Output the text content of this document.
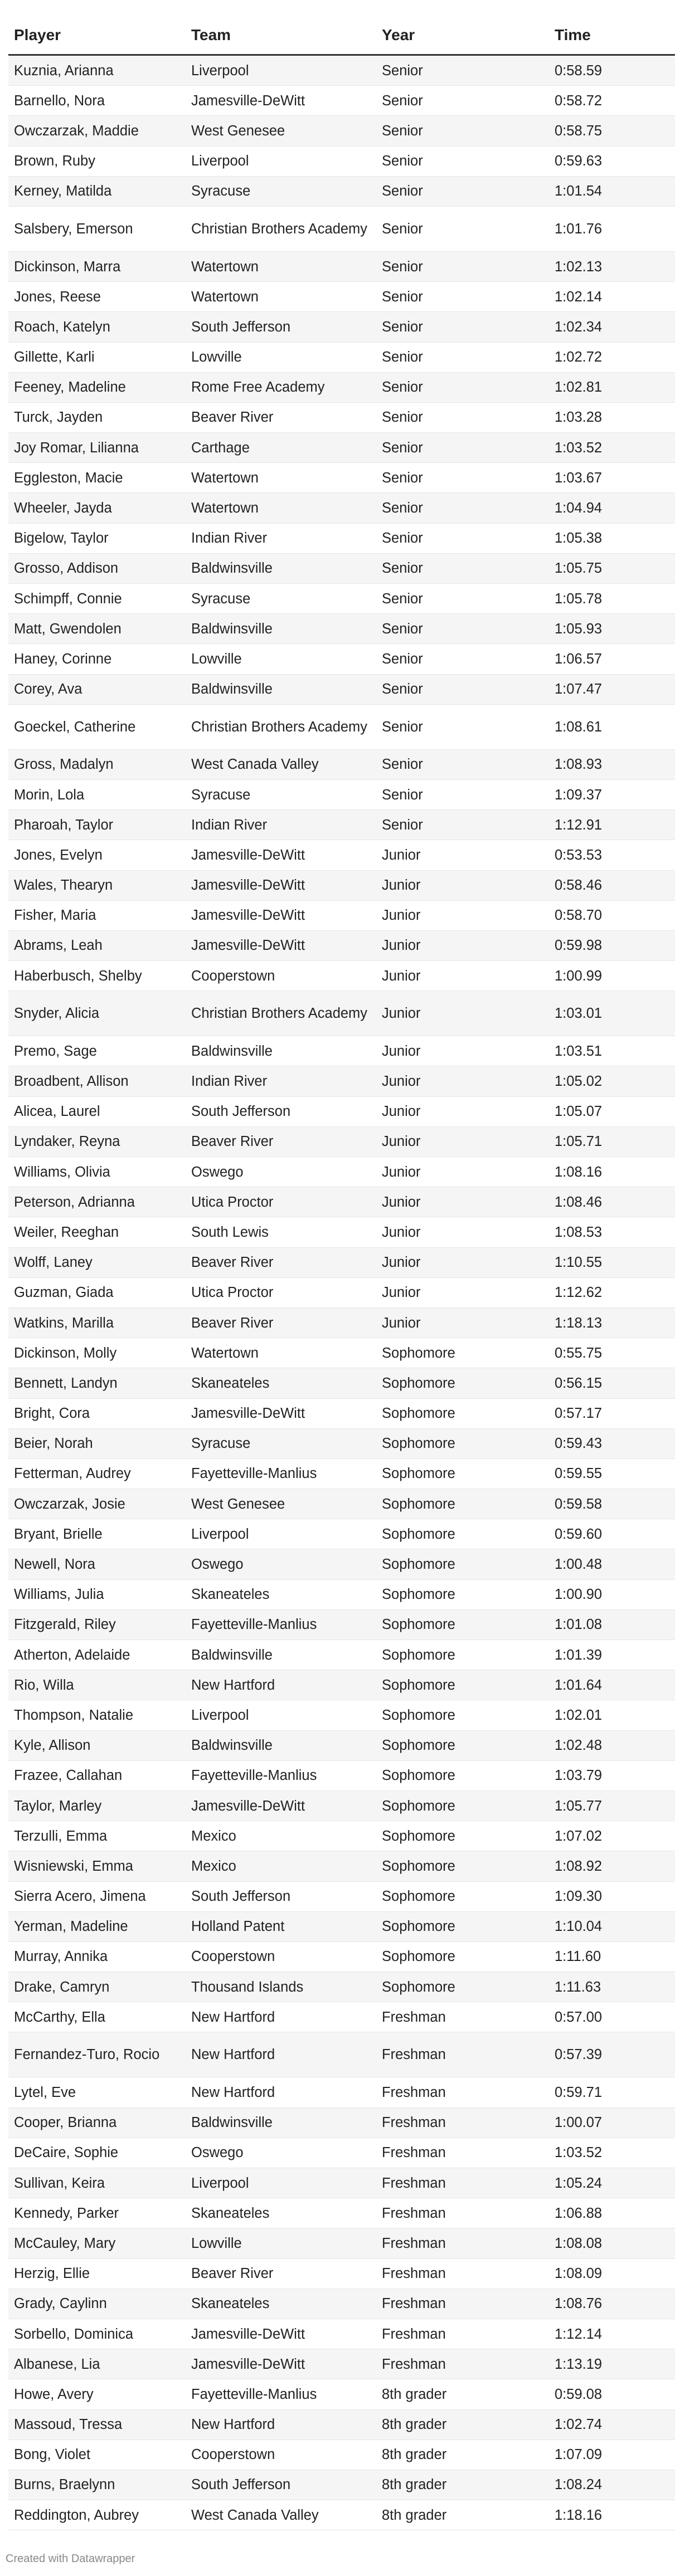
Player	Team	Year	Time
Kuznia, Arianna	Liverpool	Senior	0:58.59
Barnello, Nora	Jamesville-DeWitt	Senior	0:58.72
Owczarzak, Maddie	West Genesee	Senior	0:58.75
Brown, Ruby	Liverpool	Senior	0:59.63
Kerney, Matilda	Syracuse	Senior	1:01.54
Salsbery, Emerson	Christian Brothers Academy	Senior	1:01.76
Dickinson, Marra	Watertown	Senior	1:02.13
Jones, Reese	Watertown	Senior	1:02.14
Roach, Katelyn	South Jefferson	Senior	1:02.34
Gillette, Karli	Lowville	Senior	1:02.72
Feeney, Madeline	Rome Free Academy	Senior	1:02.81
Turck, Jayden	Beaver River	Senior	1:03.28
Joy Romar, Lilianna	Carthage	Senior	1:03.52
Eggleston, Macie	Watertown	Senior	1:03.67
Wheeler, Jayda	Watertown	Senior	1:04.94
Bigelow, Taylor	Indian River	Senior	1:05.38
Grosso, Addison	Baldwinsville	Senior	1:05.75
Schimpff, Connie	Syracuse	Senior	1:05.78
Matt, Gwendolen	Baldwinsville	Senior	1:05.93
Haney, Corinne	Lowville	Senior	1:06.57
Corey, Ava	Baldwinsville	Senior	1:07.47
Goeckel, Catherine	Christian Brothers Academy	Senior	1:08.61
Gross, Madalyn	West Canada Valley	Senior	1:08.93
Morin, Lola	Syracuse	Senior	1:09.37
Pharoah, Taylor	Indian River	Senior	1:12.91
Jones, Evelyn	Jamesville-DeWitt	Junior	0:53.53
Wales, Thearyn	Jamesville-DeWitt	Junior	0:58.46
Fisher, Maria	Jamesville-DeWitt	Junior	0:58.70
Abrams, Leah	Jamesville-DeWitt	Junior	0:59.98
Haberbusch, Shelby	Cooperstown	Junior	1:00.99
Snyder, Alicia	Christian Brothers Academy	Junior	1:03.01
Premo, Sage	Baldwinsville	Junior	1:03.51
Broadbent, Allison	Indian River	Junior	1:05.02
Alicea, Laurel	South Jefferson	Junior	1:05.07
Lyndaker, Reyna	Beaver River	Junior	1:05.71
Williams, Olivia	Oswego	Junior	1:08.16
Peterson, Adrianna	Utica Proctor	Junior	1:08.46
Weiler, Reeghan	South Lewis	Junior	1:08.53
Wolff, Laney	Beaver River	Junior	1:10.55
Guzman, Giada	Utica Proctor	Junior	1:12.62
Watkins, Marilla	Beaver River	Junior	1:18.13
Dickinson, Molly	Watertown	Sophomore	0:55.75
Bennett, Landyn	Skaneateles	Sophomore	0:56.15
Bright, Cora	Jamesville-DeWitt	Sophomore	0:57.17
Beier, Norah	Syracuse	Sophomore	0:59.43
Fetterman, Audrey	Fayetteville-Manlius	Sophomore	0:59.55
Owczarzak, Josie	West Genesee	Sophomore	0:59.58
Bryant, Brielle	Liverpool	Sophomore	0:59.60
Newell, Nora	Oswego	Sophomore	1:00.48
Williams, Julia	Skaneateles	Sophomore	1:00.90
Fitzgerald, Riley	Fayetteville-Manlius	Sophomore	1:01.08
Atherton, Adelaide	Baldwinsville	Sophomore	1:01.39
Rio, Willa	New Hartford	Sophomore	1:01.64
Thompson, Natalie	Liverpool	Sophomore	1:02.01
Kyle, Allison	Baldwinsville	Sophomore	1:02.48
Frazee, Callahan	Fayetteville-Manlius	Sophomore	1:03.79
Taylor, Marley	Jamesville-DeWitt	Sophomore	1:05.77
Terzulli, Emma	Mexico	Sophomore	1:07.02
Wisniewski, Emma	Mexico	Sophomore	1:08.92
Sierra Acero, Jimena	South Jefferson	Sophomore	1:09.30
Yerman, Madeline	Holland Patent	Sophomore	1:10.04
Murray, Annika	Cooperstown	Sophomore	1:11.60
Drake, Camryn	Thousand Islands	Sophomore	1:11.63
McCarthy, Ella	New Hartford	Freshman	0:57.00
Fernandez-Turo, Rocio	New Hartford	Freshman	0:57.39
Lytel, Eve	New Hartford	Freshman	0:59.71
Cooper, Brianna	Baldwinsville	Freshman	1:00.07
DeCaire, Sophie	Oswego	Freshman	1:03.52
Sullivan, Keira	Liverpool	Freshman	1:05.24
Kennedy, Parker	Skaneateles	Freshman	1:06.88
McCauley, Mary	Lowville	Freshman	1:08.08
Herzig, Ellie	Beaver River	Freshman	1:08.09
Grady, Caylinn	Skaneateles	Freshman	1:08.76
Sorbello, Dominica	Jamesville-DeWitt	Freshman	1:12.14
Albanese, Lia	Jamesville-DeWitt	Freshman	1:13.19
Howe, Avery	Fayetteville-Manlius	8th grader	0:59.08
Massoud, Tressa	New Hartford	8th grader	1:02.74
Bong, Violet	Cooperstown	8th grader	1:07.09
Burns, Braelynn	South Jefferson	8th grader	1:08.24
Reddington, Aubrey	West Canada Valley	8th grader	1:18.16
Created with Datawrapper
